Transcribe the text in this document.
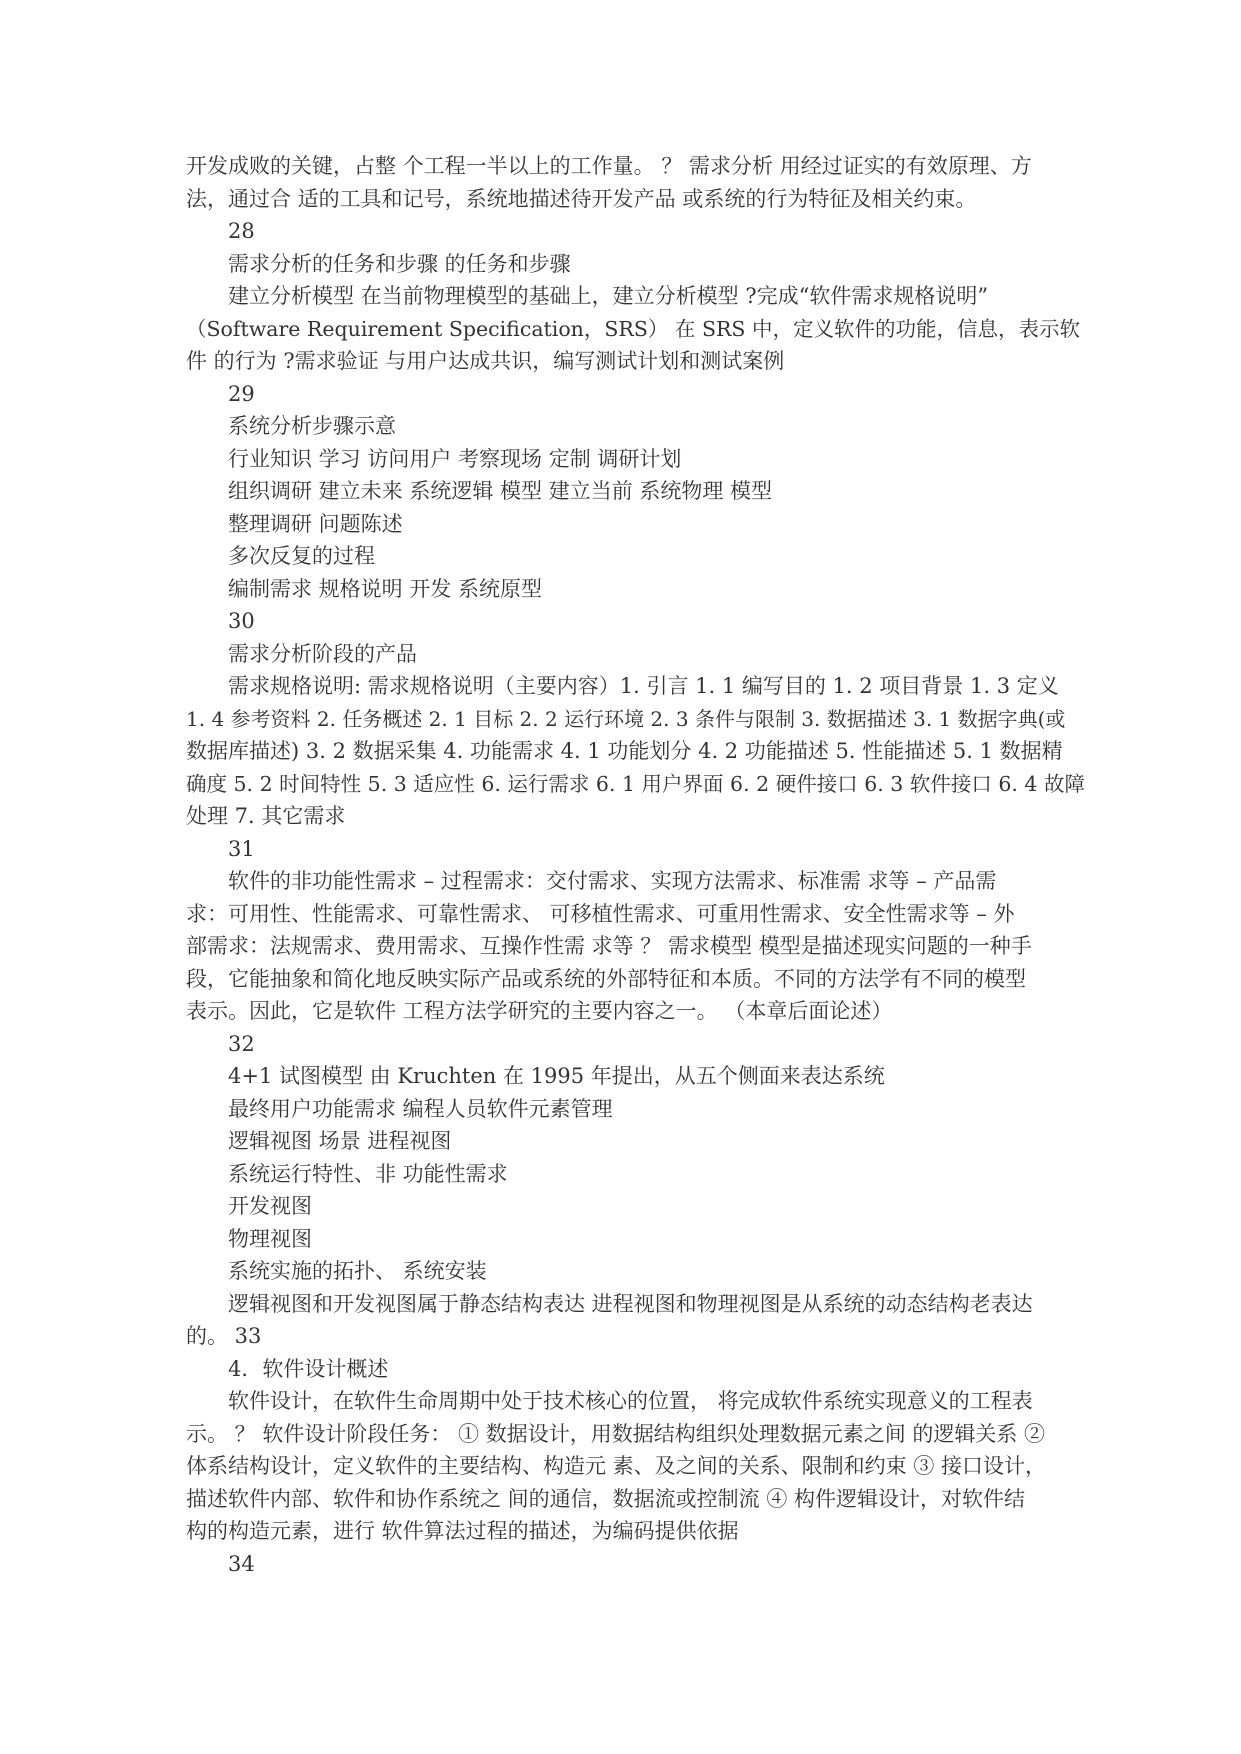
开发成败的关键，占整 个工程一半以上的工作量。 ？ 需求分析 用经过证实的有效原理、方
法，通过合 适的工具和记号，系统地描述待开发产品 或系统的行为特征及相关约束。
28
需求分析的任务和步骤 的任务和步骤
建立分析模型 在当前物理模型的基础上，建立分析模型 ?完成“软件需求规格说明”
（Software Requirement Specification，SRS） 在 SRS 中，定义软件的功能，信息，表示软
件 的行为 ?需求验证 与用户达成共识，编写测试计划和测试案例
29
系统分析步骤示意
行业知识 学习 访问用户 考察现场 定制 调研计划
组织调研 建立未来 系统逻辑 模型 建立当前 系统物理 模型
整理调研 问题陈述
多次反复的过程
编制需求 规格说明 开发 系统原型
30
需求分析阶段的产品
需求规格说明: 需求规格说明（主要内容）1. 引言 1. 1 编写目的 1. 2 项目背景 1. 3 定义
1. 4 参考资料 2. 任务概述 2. 1 目标 2. 2 运行环境 2. 3 条件与限制 3. 数据描述 3. 1 数据字典(或
数据库描述) 3. 2 数据采集 4. 功能需求 4. 1 功能划分 4. 2 功能描述 5. 性能描述 5. 1 数据精
确度 5. 2 时间特性 5. 3 适应性 6. 运行需求 6. 1 用户界面 6. 2 硬件接口 6. 3 软件接口 6. 4 故障
处理 7. 其它需求
31
软件的非功能性需求 – 过程需求：交付需求、实现方法需求、标准需 求等 – 产品需
求：可用性、性能需求、可靠性需求、 可移植性需求、可重用性需求、安全性需求等 – 外
部需求：法规需求、费用需求、互操作性需 求等 ？ 需求模型 模型是描述现实问题的一种手
段，它能抽象和简化地反映实际产品或系统的外部特征和本质。不同的方法学有不同的模型
表示。因此，它是软件 工程方法学研究的主要内容之一。 （本章后面论述）
32
4+1 试图模型 由 Kruchten 在 1995 年提出，从五个侧面来表达系统
最终用户功能需求 编程人员软件元素管理
逻辑视图 场景 进程视图
系统运行特性、非 功能性需求
开发视图
物理视图
系统实施的拓扑、 系统安装
逻辑视图和开发视图属于静态结构表达 进程视图和物理视图是从系统的动态结构老表达
的。 33
4．软件设计概述
软件设计，在软件生命周期中处于技术核心的位置， 将完成软件系统实现意义的工程表
示。 ？ 软件设计阶段任务： ① 数据设计，用数据结构组织处理数据元素之间 的逻辑关系 ②
体系结构设计，定义软件的主要结构、构造元 素、及之间的关系、限制和约束 ③ 接口设计，
描述软件内部、软件和协作系统之 间的通信，数据流或控制流 ④ 构件逻辑设计，对软件结
构的构造元素，进行 软件算法过程的描述，为编码提供依据
34
